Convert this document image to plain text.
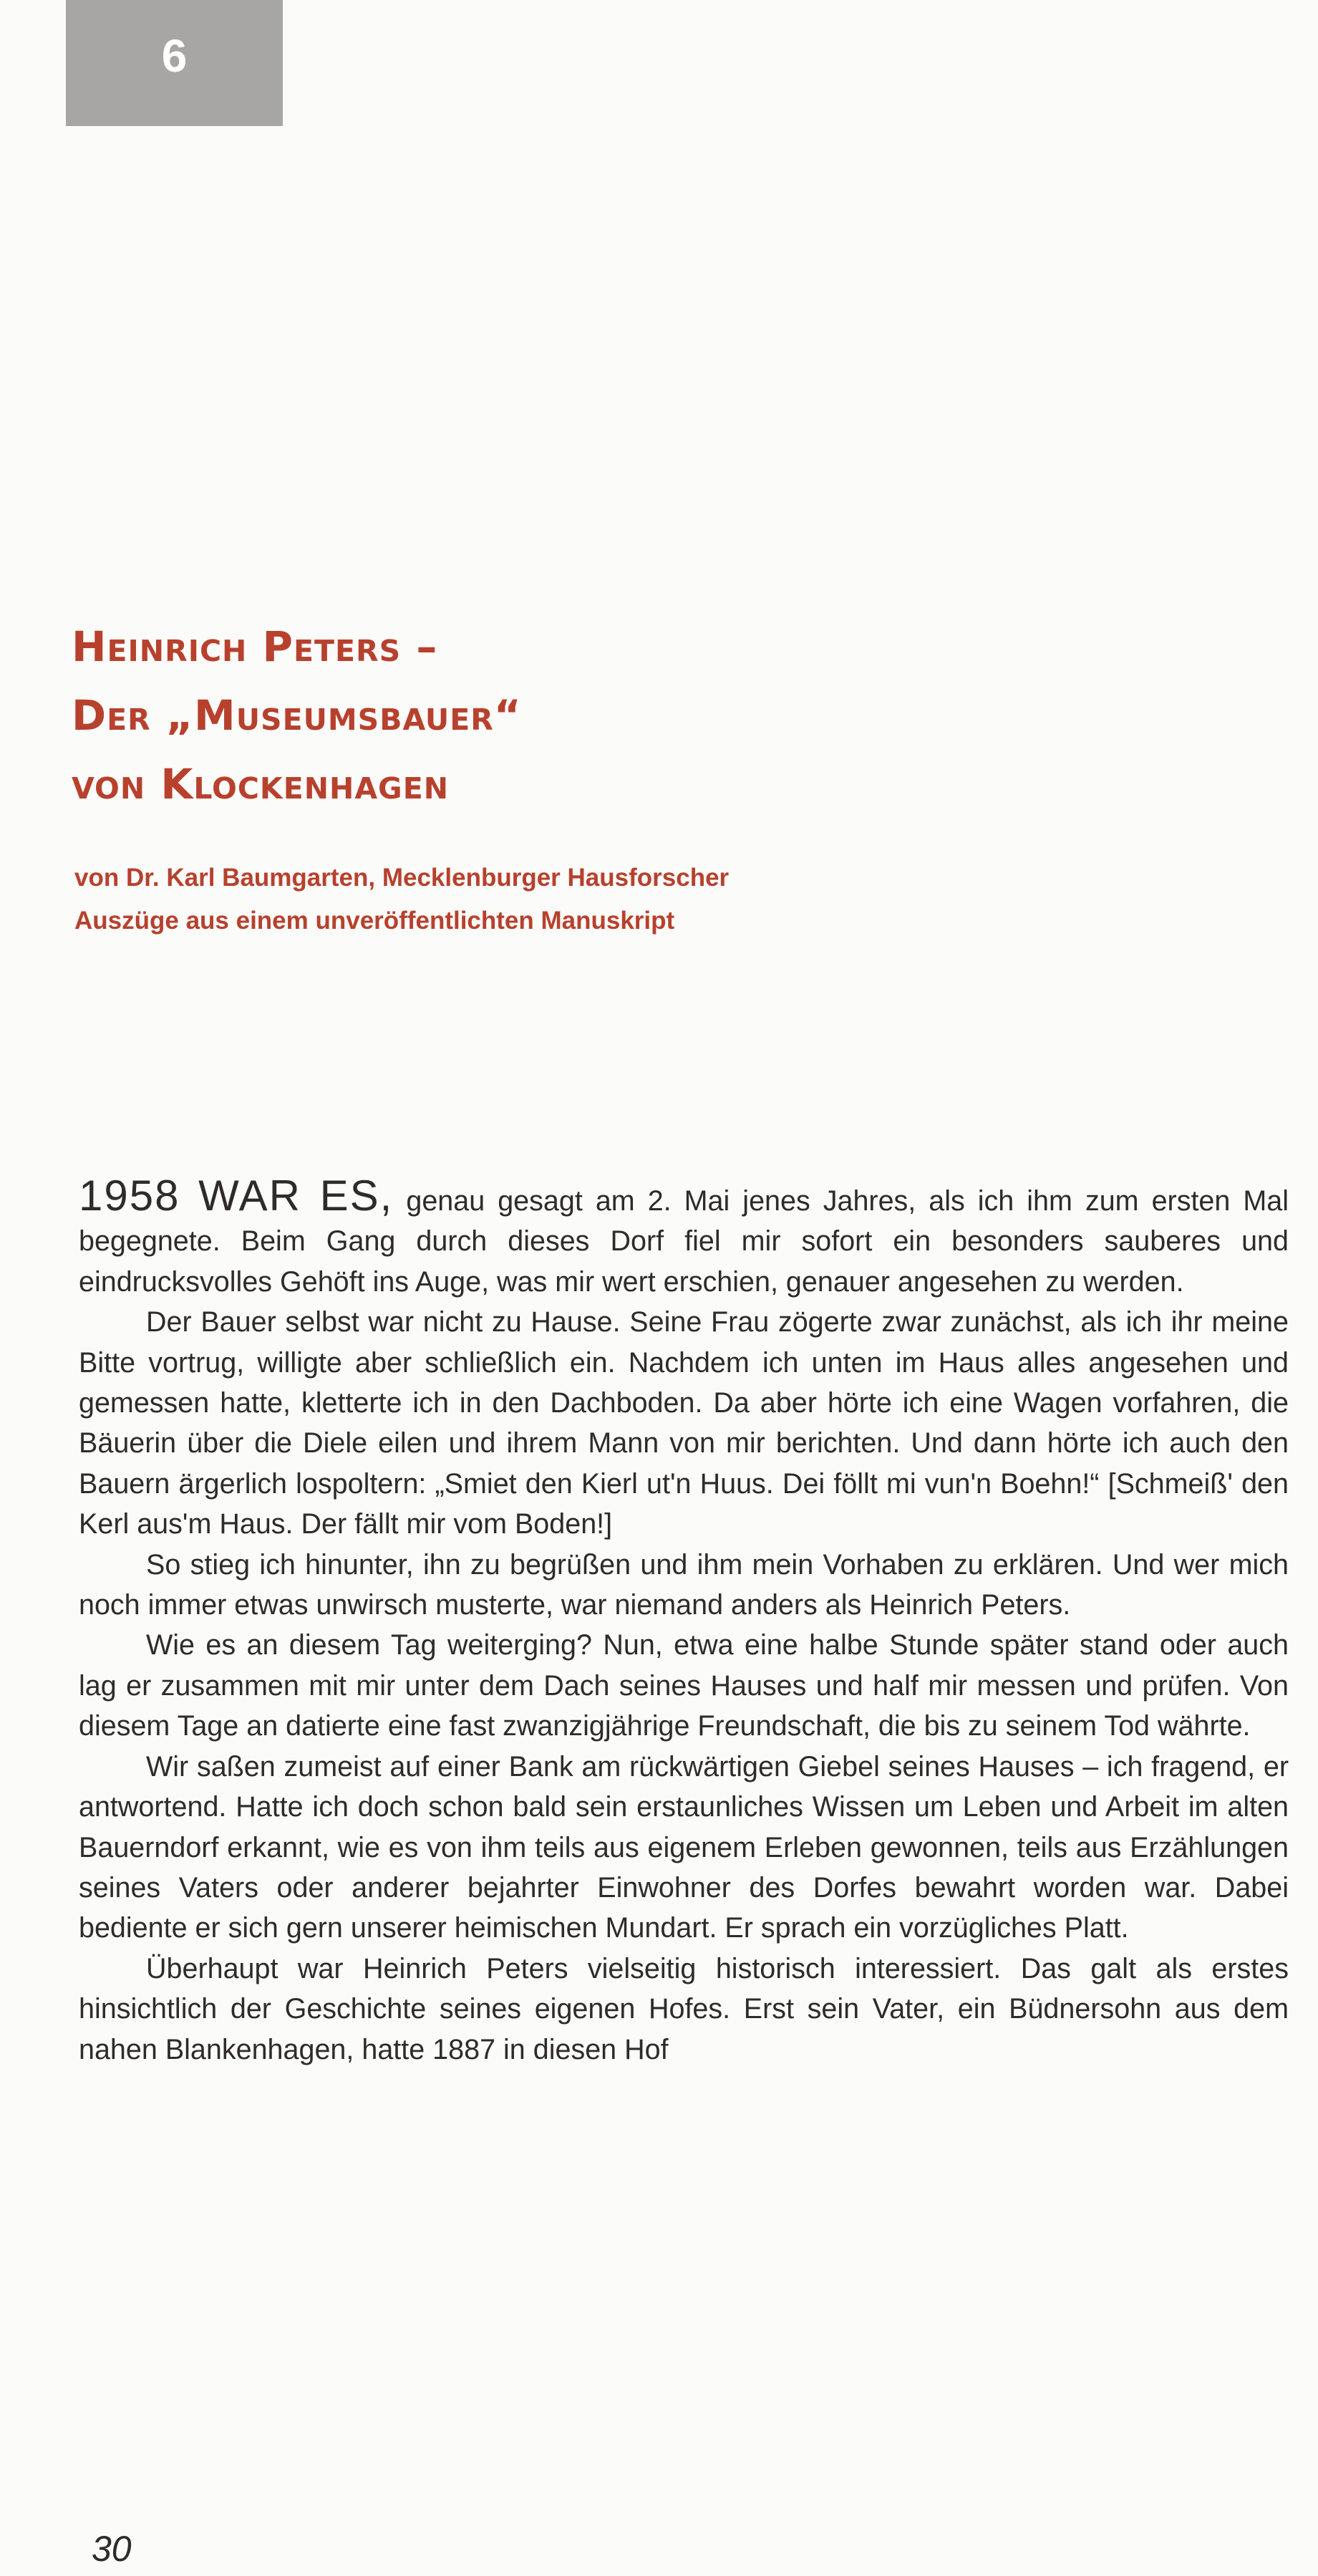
6
Heinrich Peters –
Der „Museumsbauer“
von Klockenhagen
von Dr. Karl Baumgarten, Mecklenburger Hausforscher
Auszüge aus einem unveröffentlichten Manuskript

1958 WAR ES, genau gesagt am 2. Mai jenes Jahres, als ich ihm zum ersten Mal begegnete. Beim Gang durch dieses Dorf fiel mir sofort ein besonders sauberes und eindrucksvolles Gehöft ins Auge, was mir wert erschien, genauer angesehen zu werden.

Der Bauer selbst war nicht zu Hause. Seine Frau zögerte zwar zunächst, als ich ihr meine Bitte vortrug, willigte aber schließlich ein. Nachdem ich unten im Haus alles angesehen und gemessen hatte, kletterte ich in den Dachboden. Da aber hörte ich eine Wagen vorfahren, die Bäuerin über die Diele eilen und ihrem Mann von mir berichten. Und dann hörte ich auch den Bauern ärgerlich lospoltern: „Smiet den Kierl ut'n Huus. Dei föllt mi vun'n Boehn!“ [Schmeiß' den Kerl aus'm Haus. Der fällt mir vom Boden!]

So stieg ich hinunter, ihn zu begrüßen und ihm mein Vorhaben zu erklären. Und wer mich noch immer etwas unwirsch musterte, war niemand anders als Heinrich Peters.

Wie es an diesem Tag weiterging? Nun, etwa eine halbe Stunde später stand oder auch lag er zusammen mit mir unter dem Dach seines Hauses und half mir messen und prüfen. Von diesem Tage an datierte eine fast zwanzigjährige Freundschaft, die bis zu seinem Tod währte.

Wir saßen zumeist auf einer Bank am rückwärtigen Giebel seines Hauses – ich fragend, er antwortend. Hatte ich doch schon bald sein erstaunliches Wissen um Leben und Arbeit im alten Bauerndorf erkannt, wie es von ihm teils aus eigenem Erleben gewonnen, teils aus Erzählungen seines Vaters oder anderer bejahrter Einwohner des Dorfes bewahrt worden war. Dabei bediente er sich gern unserer heimischen Mundart. Er sprach ein vorzügliches Platt.

Überhaupt war Heinrich Peters vielseitig historisch interessiert. Das galt als erstes hinsichtlich der Geschichte seines eigenen Hofes. Erst sein Vater, ein Büdnersohn aus dem nahen Blankenhagen, hatte 1887 in diesen Hof

30
